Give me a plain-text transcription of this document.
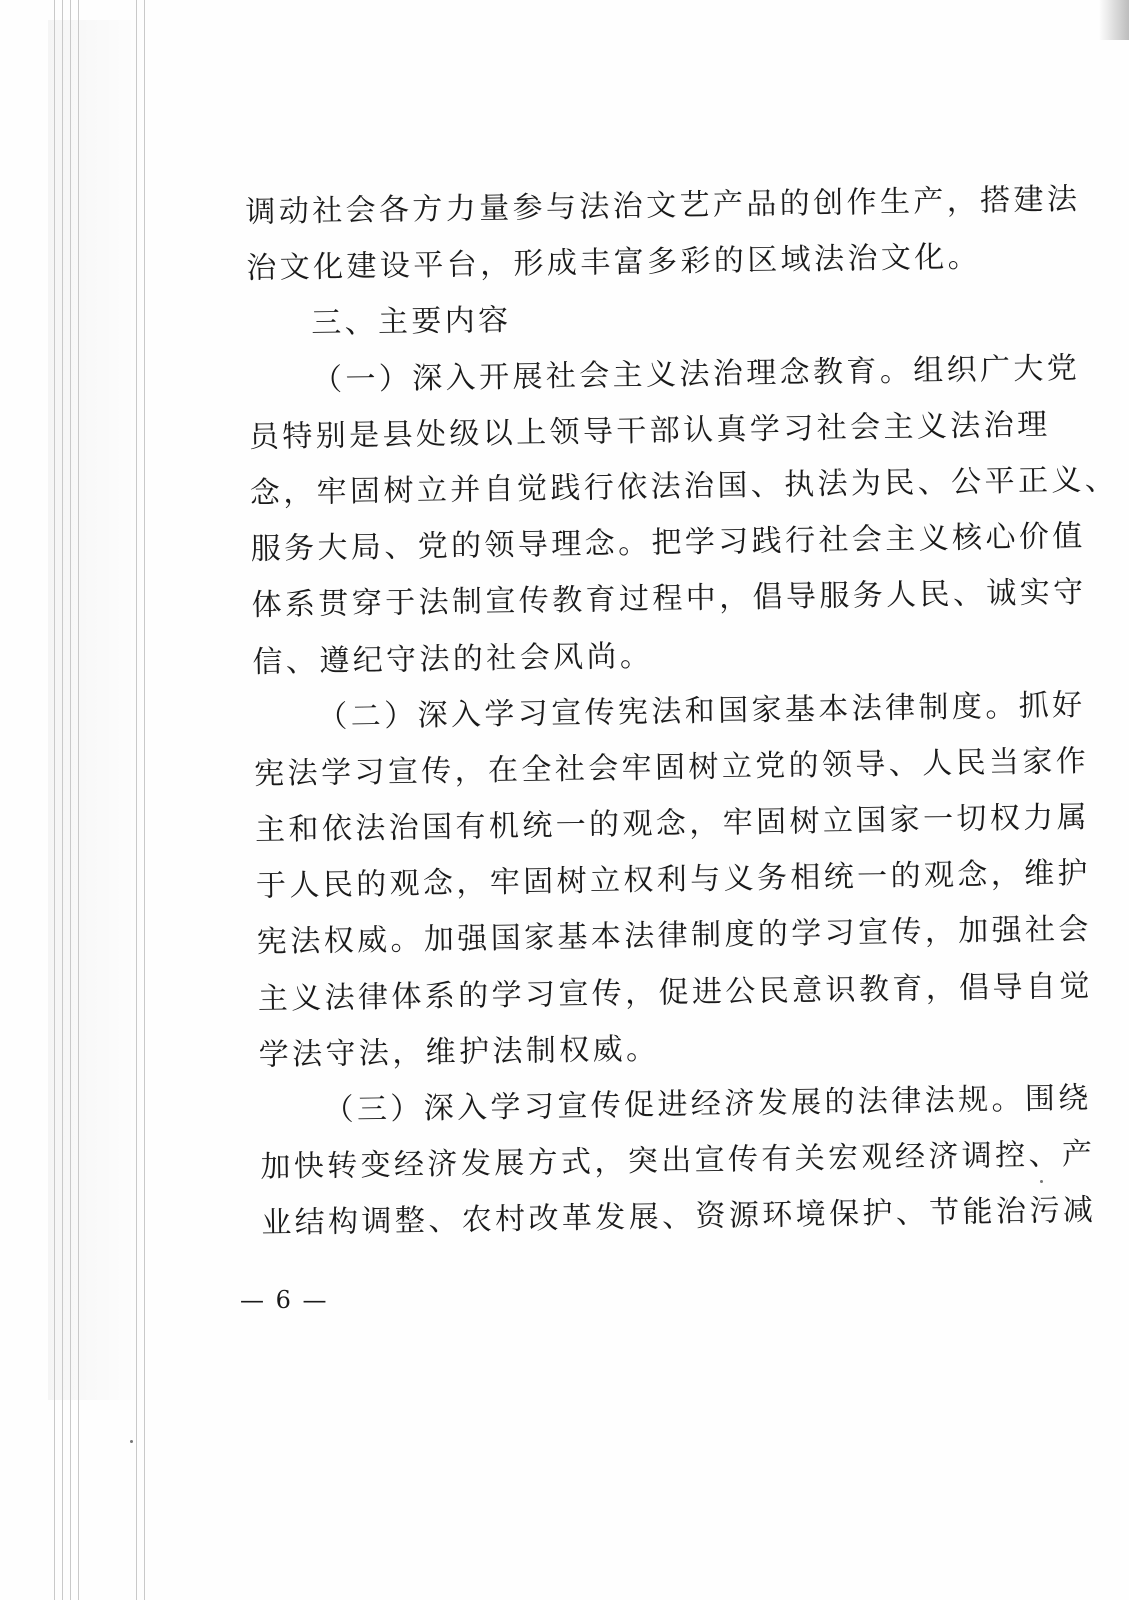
调动社会各方力量参与法治文艺产品的创作生产，搭建法
治文化建设平台，形成丰富多彩的区域法治文化。
三、主要内容
（一）深入开展社会主义法治理念教育。组织广大党
员特别是县处级以上领导干部认真学习社会主义法治理
念，牢固树立并自觉践行依法治国、执法为民、公平正义、
服务大局、党的领导理念。把学习践行社会主义核心价值
体系贯穿于法制宣传教育过程中，倡导服务人民、诚实守
信、遵纪守法的社会风尚。
（二）深入学习宣传宪法和国家基本法律制度。抓好
宪法学习宣传，在全社会牢固树立党的领导、人民当家作
主和依法治国有机统一的观念，牢固树立国家一切权力属
于人民的观念，牢固树立权利与义务相统一的观念，维护
宪法权威。加强国家基本法律制度的学习宣传，加强社会
主义法律体系的学习宣传，促进公民意识教育，倡导自觉
学法守法，维护法制权威。
（三）深入学习宣传促进经济发展的法律法规。围绕
加快转变经济发展方式，突出宣传有关宏观经济调控、产
业结构调整、农村改革发展、资源环境保护、节能治污减
— 6 —
